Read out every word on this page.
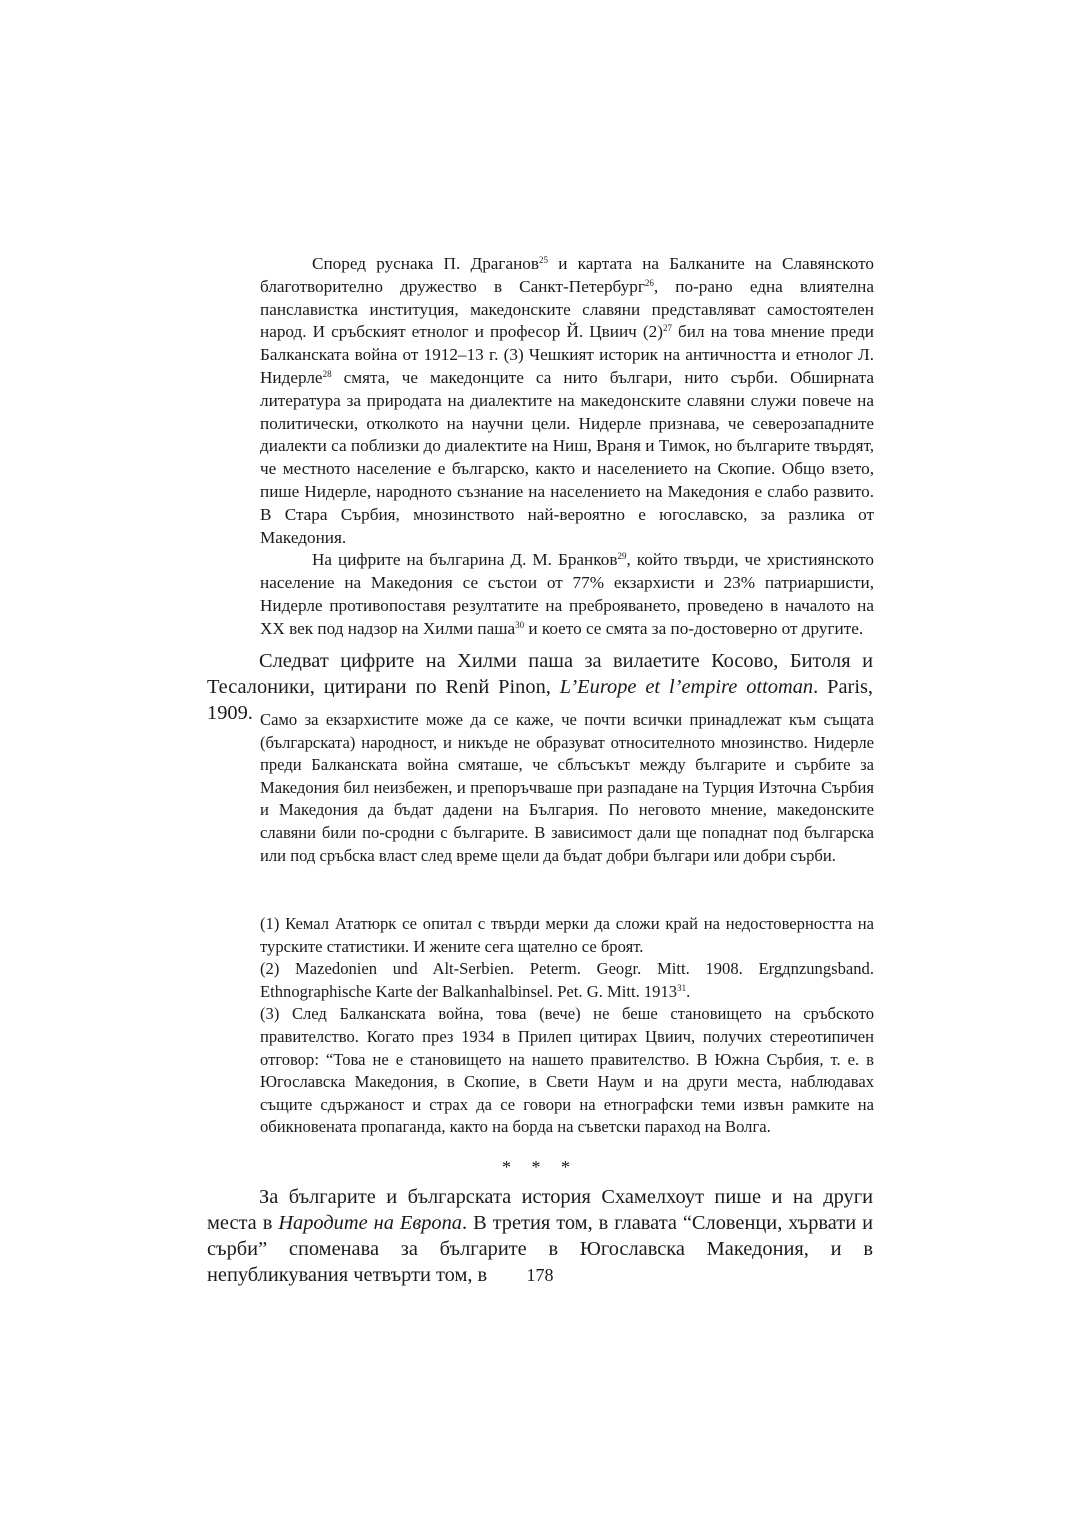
Според руснака П. Драганов$^{25}$ и картата на Балканите на Славянското благотворително дружество в Санкт-Петербург$^{26}$, по-рано една влиятелна панславистка институция, македонските славяни представляват самостоятелен народ. И сръбският етнолог и професор Й. Цвиич $(2)^{27}$ бил на това мнение преди Балканската война от 1912–13 г. (3) Чешкият историк на античността и етнолог Л. Нидерле$^{28}$ смята, че македонците са нито българи, нито сърби. Обширната литература за природата на диалектите на македонските славяни служи повече на политически, отколкото на научни цели. Нидерле признава, че северозападните диалекти са поблизки до диалектите на Ниш, Враня и Тимок, но българите твърдят, че местното население е българско, както и населението на Скопие. Общо взето, пише Нидерле, народното съзнание на населението на Македония е слабо развито. В Стара Сърбия, мнозинството най-вероятно е югославско, за разлика от Македония.

На цифрите на българина Д. М. Бранков$^{29}$, който твърди, че християнското население на Македония се състои от 77% екзархисти и 23% патриаршисти, Нидерле противопоставя резултатите на преброяването, проведено в началото на XX век под надзор на Хилми паша$^{30}$ и което се смята за по-достоверно от другите.

Следват цифрите на Хилми паша за вилаетите Косово, Битоля и Тесалоники, цитирани по Renй Pinon, L’Europe et l’empire ottoman. Paris, 1909. Само за екзархистите може да се каже, че почти всички принадлежат към същата (българската) народност, и никъде не образуват относителното мнозинство. Нидерле преди Балканската война смяташе, че сблъсъкът между българите и сърбите за Македония бил неизбежен, и препоръчваше при разпадане на Турция Източна Сърбия и Македония да бъдат дадени на България. По неговото мнение, македонските славяни били по-сродни с българите. В зависимост дали ще попаднат под българска или под сръбска власт след време щели да бъдат добри българи или добри сърби.

(1) Кемал Ататюрк се опитал с твърди мерки да сложи край на недостоверността на турските статистики. И жените сега щателно се броят.

(2) Mazedonien und Alt-Serbien. Peterm. Geogr. Mitt. 1908. Ergдnzungsband. Ethnographische Karte der Balkanhalbinsel. Pet. G. Mitt. 1913$^{31}$.

(3) След Балканската война, това (вече) не беше становището на сръбското правителство. Когато през 1934 в Прилеп цитирах Цвиич, получих стереотипичен отговор: “Това не е становището на нашето правителство. В Южна Сърбия, т. е. в Югославска Македония, в Скопие, в Свети Наум и на други места, наблюдавах същите сдържаност и страх да се говори на етнографски теми извън рамките на обикновената пропаганда, както на борда на съветски параход на Волга.

* * *

За българите и българската история Схамелхоут пише и на други места в Народите на Европа. В третия том, в главата “Словенци, хървати и сърби” споменава за българите в Югославска Македония, и в непубликувания четвърти том, в	178
